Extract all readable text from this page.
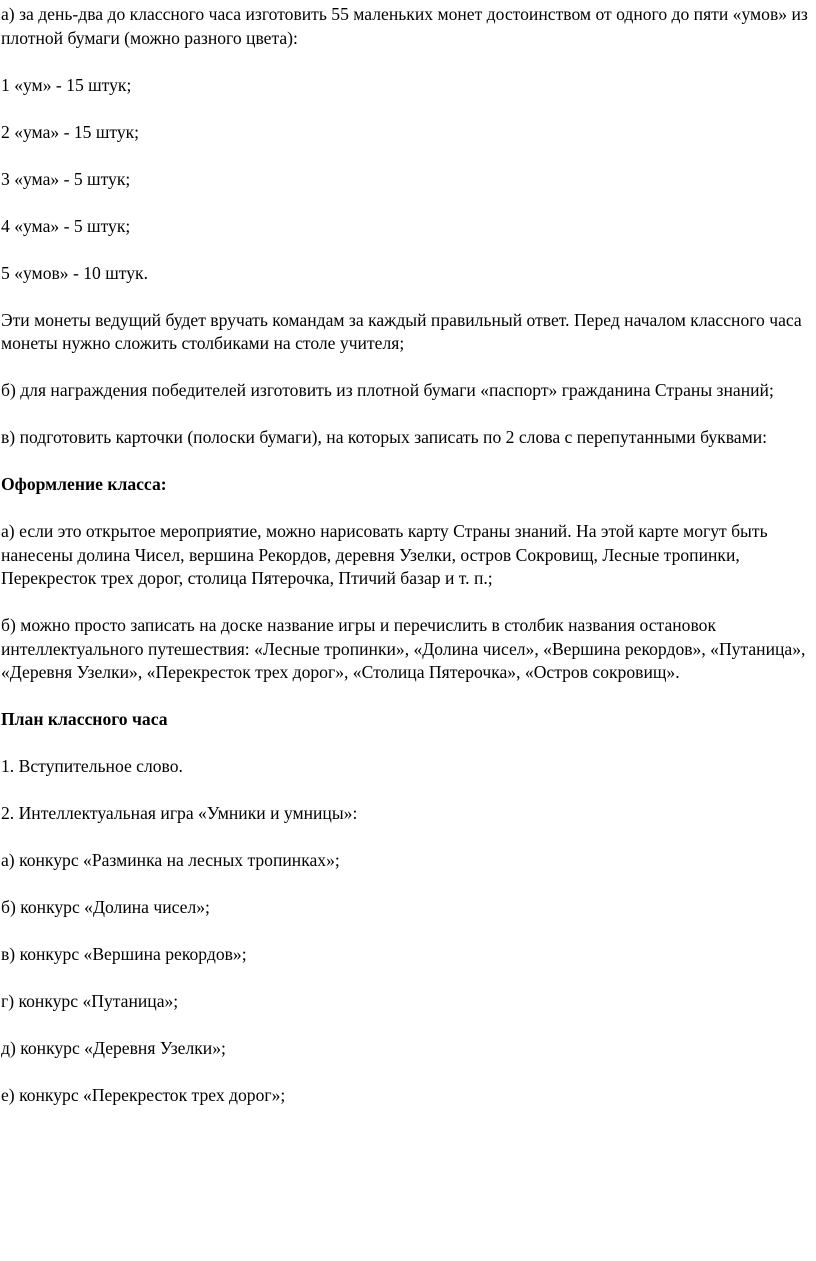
а) за день-два до классного часа изготовить 55 маленьких монет достоинством от одного до пяти «умов» из плотной бумаги (можно разного цвета):

1 «ум» - 15 штук;

2 «ума» - 15 штук;

3 «ума» - 5 штук;

4 «ума» - 5 штук;

5 «умов» - 10 штук.

Эти монеты ведущий будет вручать командам за каждый правильный ответ. Перед началом классного часа монеты нужно сложить столбиками на столе учителя;

б) для награждения победителей изготовить из плотной бумаги «паспорт» гражданина Страны знаний;

в) подготовить карточки (полоски бумаги), на которых записать по 2 слова с перепутанными буквами:

Оформление класса:

а) если это открытое мероприятие, можно нарисовать карту Страны знаний. На этой карте могут быть нанесены долина Чисел, вершина Рекордов, деревня Узелки, остров Сокровищ, Лесные тропинки, Перекресток трех дорог, столица Пятерочка, Птичий базар и т. п.;

б) можно просто записать на доске название игры и перечислить в столбик названия остановок интеллектуального путешествия: «Лесные тропинки», «Долина чисел», «Вершина рекордов», «Путаница», «Деревня Узелки», «Перекресток трех дорог», «Столица Пятерочка», «Остров сокровищ».

План классного часа

1. Вступительное слово.

2. Интеллектуальная игра «Умники и умницы»:

а) конкурс «Разминка на лесных тропинках»;

б) конкурс «Долина чисел»;

в) конкурс «Вершина рекордов»;

г) конкурс «Путаница»;

д) конкурс «Деревня Узелки»;

е) конкурс «Перекресток трех дорог»;
